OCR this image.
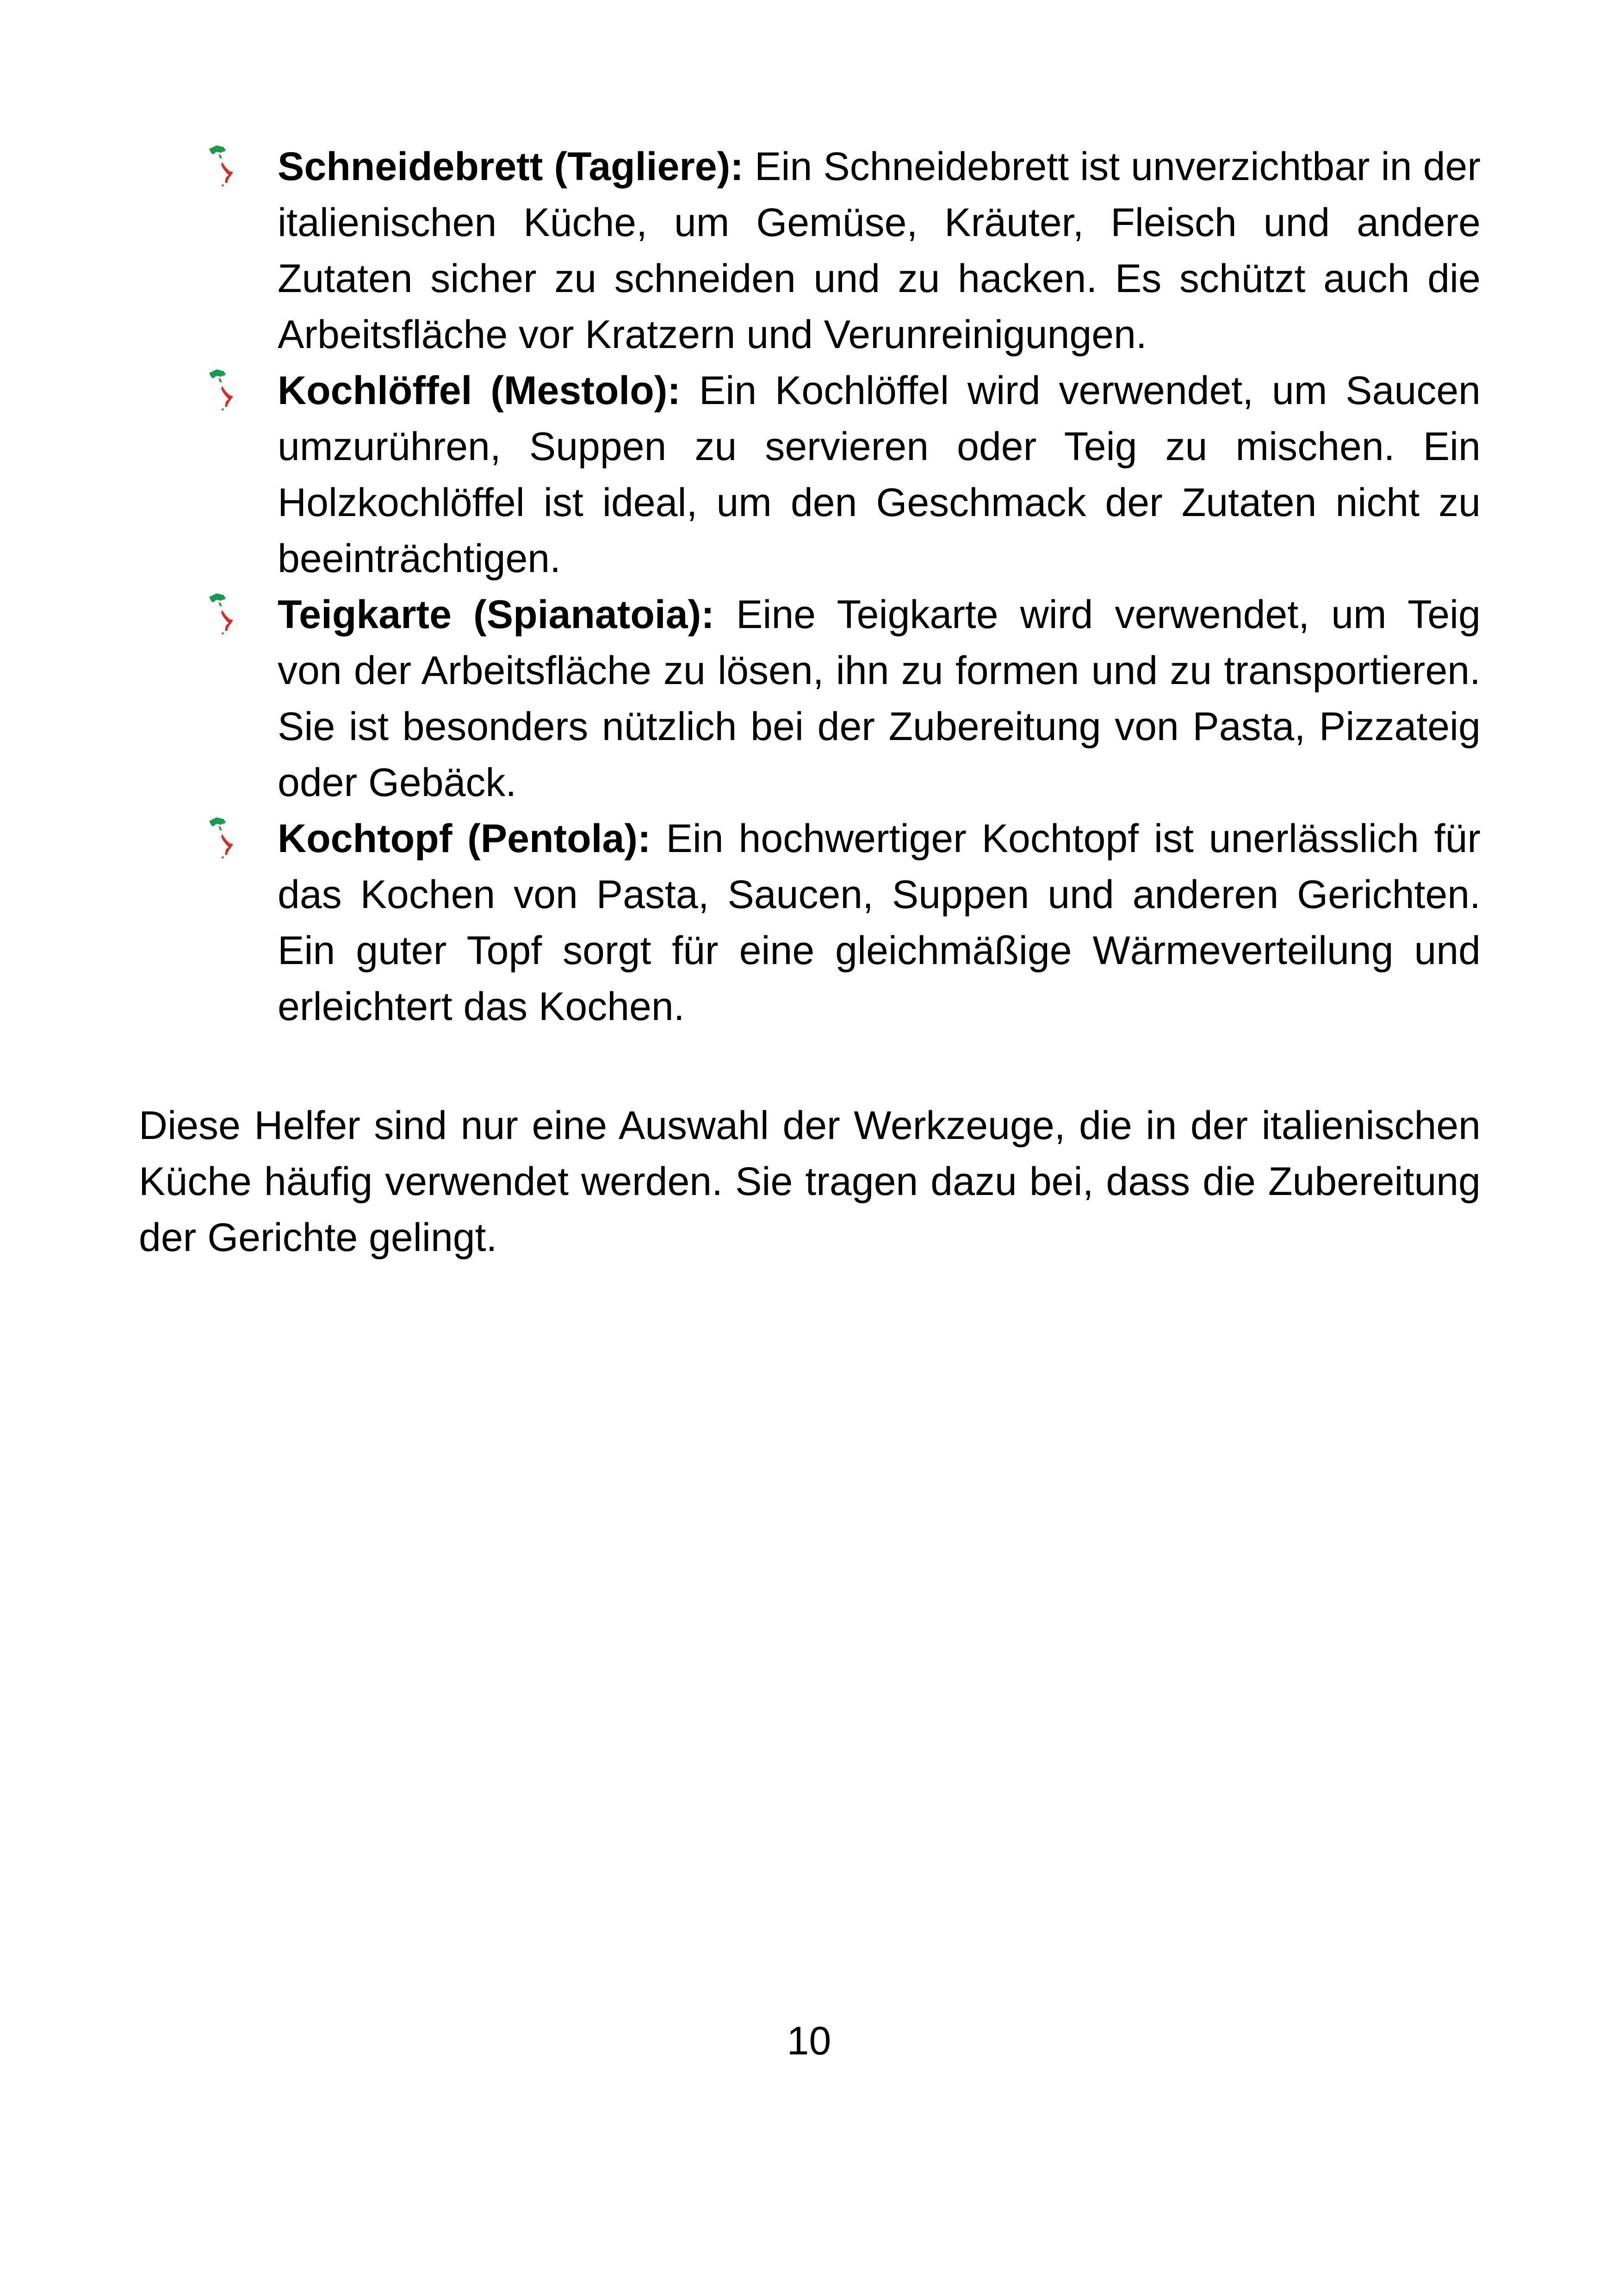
Schneidebrett (Tagliere): Ein Schneidebrett ist unverzichtbar in der italienischen Küche, um Gemüse, Kräuter, Fleisch und andere Zutaten sicher zu schneiden und zu hacken. Es schützt auch die Arbeitsfläche vor Kratzern und Verunreinigungen.
Kochlöffel (Mestolo): Ein Kochlöffel wird verwendet, um Saucen umzurühren, Suppen zu servieren oder Teig zu mischen. Ein Holzkochlöffel ist ideal, um den Geschmack der Zutaten nicht zu beeinträchtigen.
Teigkarte (Spianatoia): Eine Teigkarte wird verwendet, um Teig von der Arbeitsfläche zu lösen, ihn zu formen und zu transportieren. Sie ist besonders nützlich bei der Zubereitung von Pasta, Pizzateig oder Gebäck.
Kochtopf (Pentola): Ein hochwertiger Kochtopf ist unerlässlich für das Kochen von Pasta, Saucen, Suppen und anderen Gerichten. Ein guter Topf sorgt für eine gleichmäßige Wärmeverteilung und erleichtert das Kochen.

Diese Helfer sind nur eine Auswahl der Werkzeuge, die in der italienischen Küche häufig verwendet werden. Sie tragen dazu bei, dass die Zubereitung der Gerichte gelingt.

10
